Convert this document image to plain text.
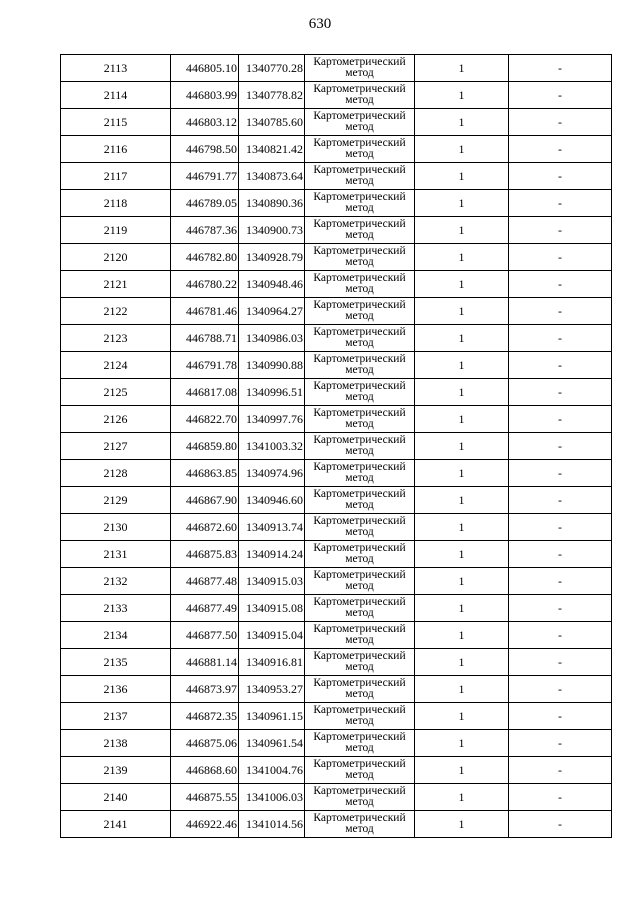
630
2113	446805.10	1340770.28	Картометрический
метод	1	-
2114	446803.99	1340778.82	Картометрический
метод	1	-
2115	446803.12	1340785.60	Картометрический
метод	1	-
2116	446798.50	1340821.42	Картометрический
метод	1	-
2117	446791.77	1340873.64	Картометрический
метод	1	-
2118	446789.05	1340890.36	Картометрический
метод	1	-
2119	446787.36	1340900.73	Картометрический
метод	1	-
2120	446782.80	1340928.79	Картометрический
метод	1	-
2121	446780.22	1340948.46	Картометрический
метод	1	-
2122	446781.46	1340964.27	Картометрический
метод	1	-
2123	446788.71	1340986.03	Картометрический
метод	1	-
2124	446791.78	1340990.88	Картометрический
метод	1	-
2125	446817.08	1340996.51	Картометрический
метод	1	-
2126	446822.70	1340997.76	Картометрический
метод	1	-
2127	446859.80	1341003.32	Картометрический
метод	1	-
2128	446863.85	1340974.96	Картометрический
метод	1	-
2129	446867.90	1340946.60	Картометрический
метод	1	-
2130	446872.60	1340913.74	Картометрический
метод	1	-
2131	446875.83	1340914.24	Картометрический
метод	1	-
2132	446877.48	1340915.03	Картометрический
метод	1	-
2133	446877.49	1340915.08	Картометрический
метод	1	-
2134	446877.50	1340915.04	Картометрический
метод	1	-
2135	446881.14	1340916.81	Картометрический
метод	1	-
2136	446873.97	1340953.27	Картометрический
метод	1	-
2137	446872.35	1340961.15	Картометрический
метод	1	-
2138	446875.06	1340961.54	Картометрический
метод	1	-
2139	446868.60	1341004.76	Картометрический
метод	1	-
2140	446875.55	1341006.03	Картометрический
метод	1	-
2141	446922.46	1341014.56	Картометрический
метод	1	-
